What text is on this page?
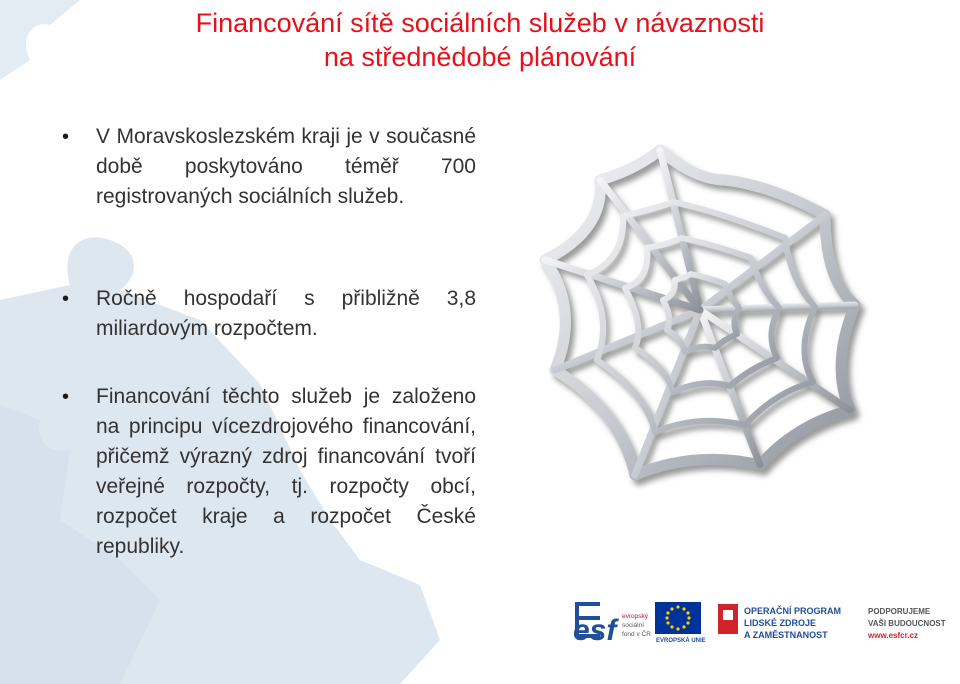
Financování sítě sociálních služeb v návaznosti
na střednědobé plánování
• V Moravskoslezském kraji je v současné době poskytováno téměř 700 registrovaných sociálních služeb.
• Ročně hospodaří s přibližně 3,8 miliardovým rozpočtem.
• Financování těchto služeb je založeno na principu vícezdrojového financování, přičemž výrazný zdroj financování tvoří veřejné rozpočty, tj. rozpočty obcí, rozpočet kraje a rozpočet České republiky.
esf evropský
sociální
fond v ČR
EVROPSKÁ UNIE
OPERAČNÍ PROGRAM
LIDSKÉ ZDROJE
A ZAMĚSTNANOST
PODPORUJEME
VAŠI BUDOUCNOST
www.esfcr.cz
